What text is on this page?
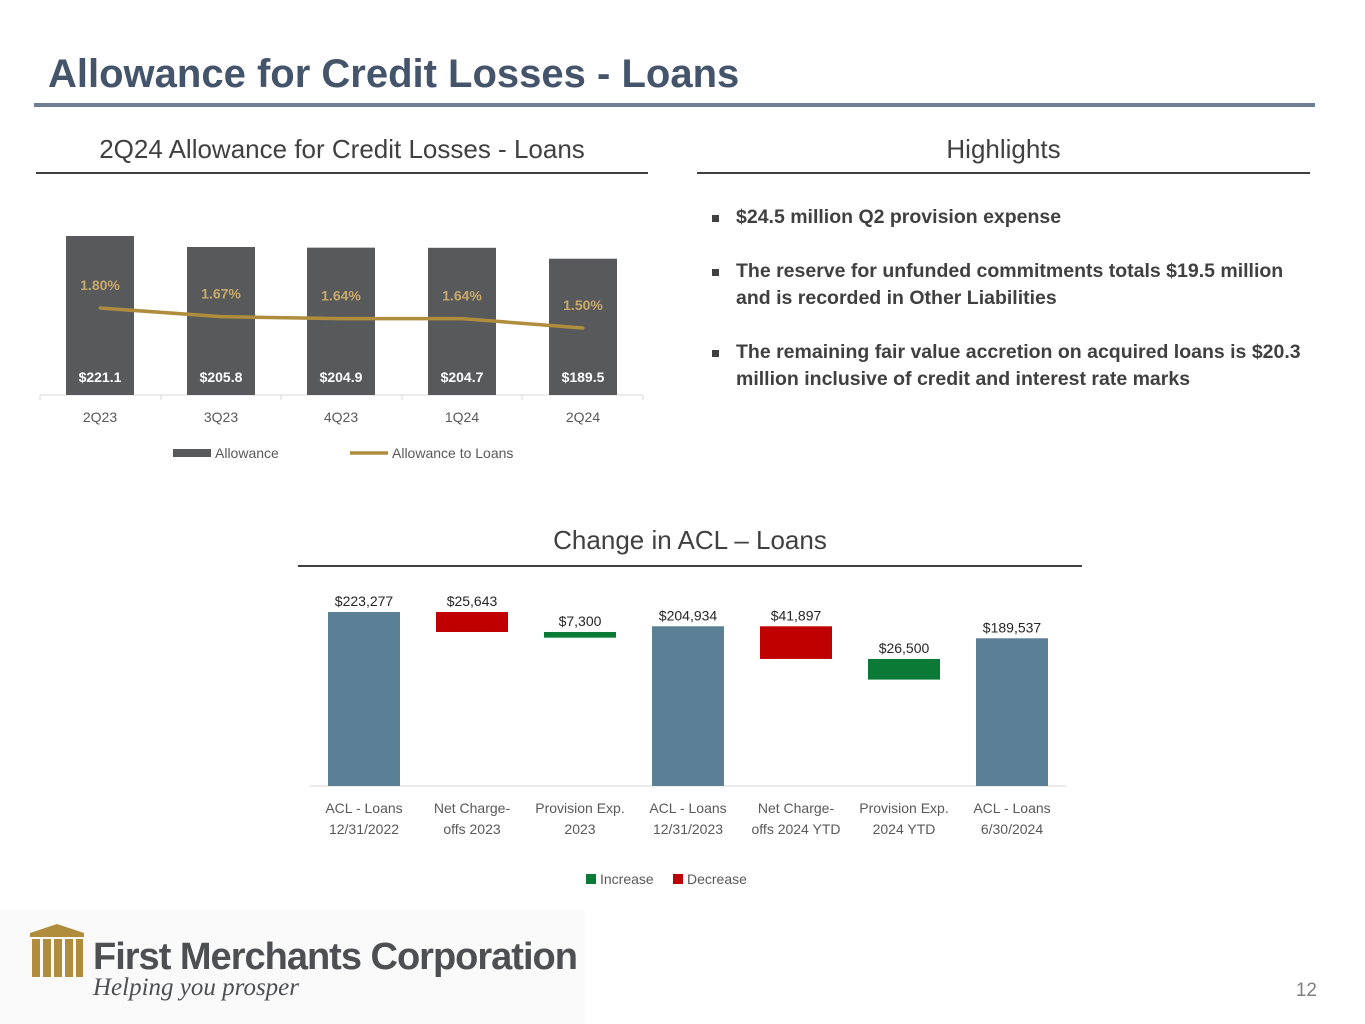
Allowance for Credit Losses - Loans
2Q24 Allowance for Credit Losses - Loans
$221.1
2Q23
$205.8
3Q23
$204.9
4Q23
$204.7
1Q24
$189.5
2Q24
1.80%
1.67%	1.64%	1.64%
1.50%
Allowance	Allowance to Loans
Highlights
$24.5 million Q2 provision expense
The reserve for unfunded commitments totals $19.5 million and is recorded in Other Liabilities
The remaining fair value accretion on acquired loans is $20.3 million inclusive of credit and interest rate marks
Change in ACL – Loans
$223,277
ACL - Loans 12/31/2022
$25,643
Net Charge-offs 2023
$7,300
Provision Exp. 2023
$204,934
ACL - Loans 12/31/2023
$41,897
Net Charge-offs 2024 YTD
$26,500
Provision Exp. 2024 YTD
$189,537
ACL - Loans 6/30/2024
Increase Decrease
First Merchants Corporation
Helping you prosper	12
